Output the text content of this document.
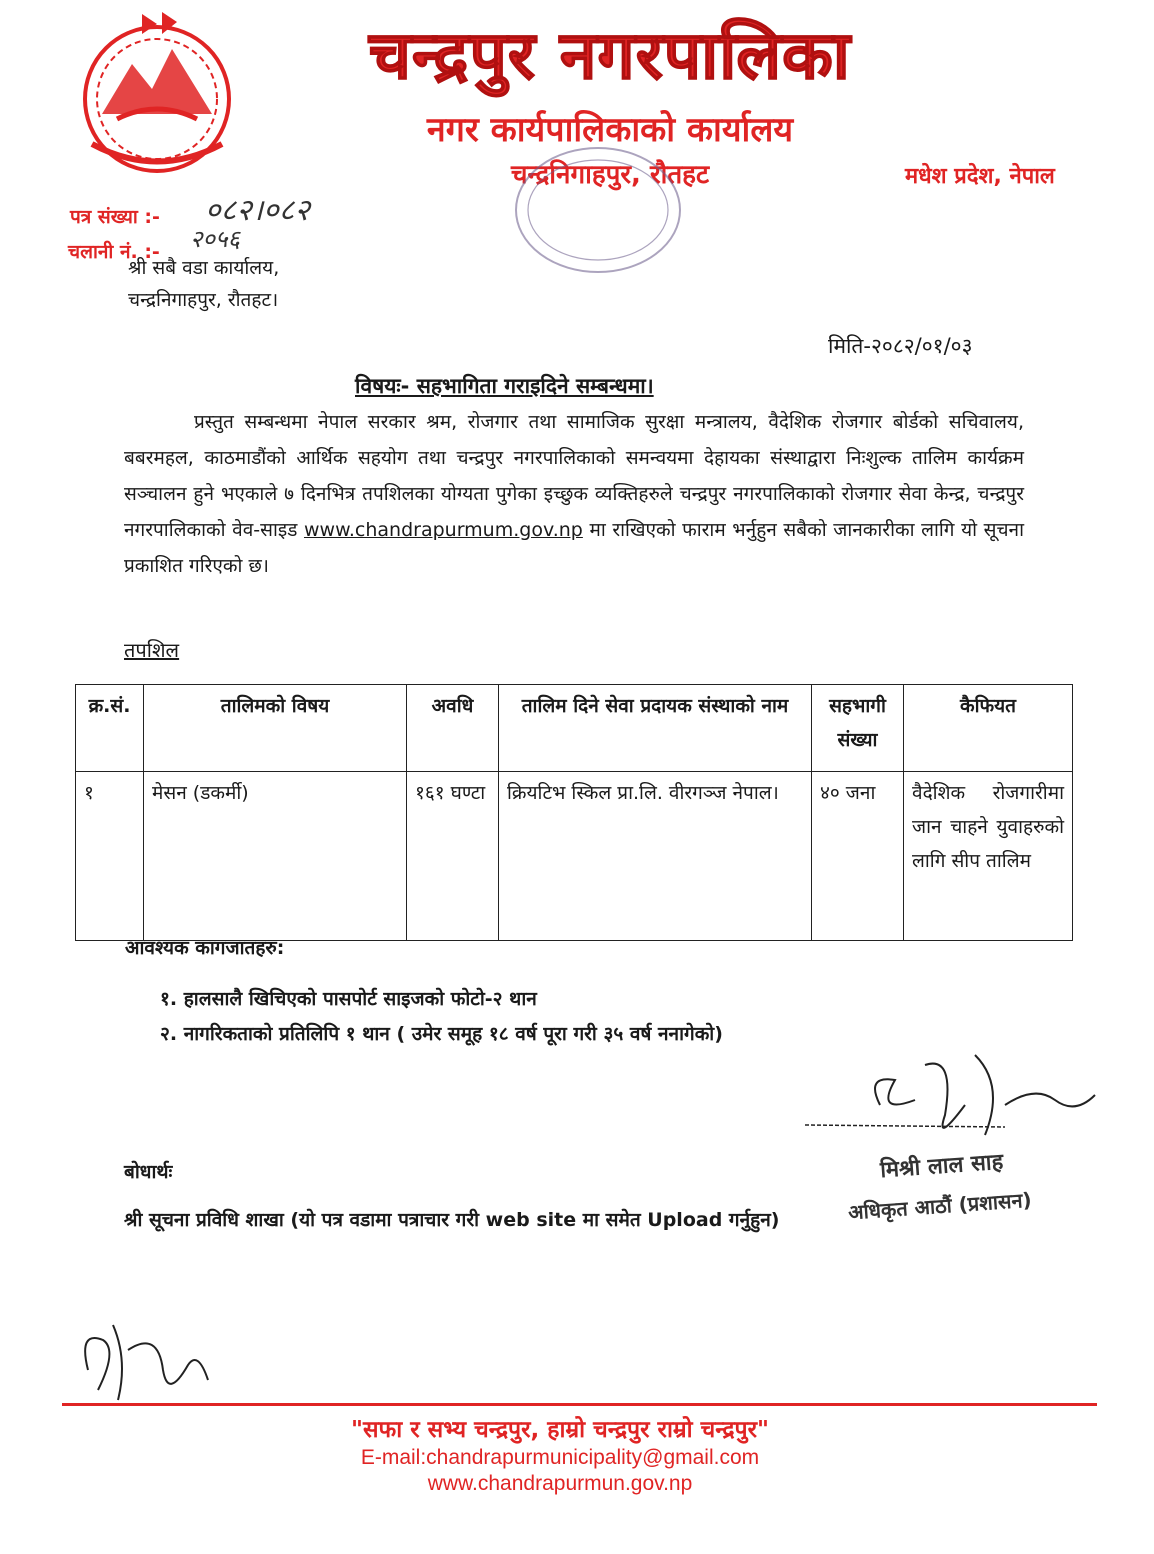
चन्द्रपुर नगरपालिका
नगर कार्यपालिकाको कार्यालय
चन्द्रनिगाहपुर, रौतहट	मधेश प्रदेश, नेपाल
पत्र संख्या :- ०८२।०८२
चलानी नं. :- २०५६
श्री सबै वडा कार्यालय,
चन्द्रनिगाहपुर, रौतहट।
मिति-२०८२/०१/०३
विषयः- सहभागिता गराइदिने सम्बन्धमा।
प्रस्तुत सम्बन्धमा नेपाल सरकार श्रम, रोजगार तथा सामाजिक सुरक्षा मन्त्रालय, वैदेशिक रोजगार बोर्डको सचिवालय, बबरमहल, काठमाडौंको आर्थिक सहयोग तथा चन्द्रपुर नगरपालिकाको समन्वयमा देहायका संस्थाद्वारा निःशुल्क तालिम कार्यक्रम सञ्चालन हुने भएकाले ७ दिनभित्र तपशिलका योग्यता पुगेका इच्छुक व्यक्तिहरुले चन्द्रपुर नगरपालिकाको रोजगार सेवा केन्द्र, चन्द्रपुर नगरपालिकाको वेव-साइड www.chandrapurmum.gov.np मा राखिएको फाराम भर्नुहुन सबैको जानकारीका लागि यो सूचना प्रकाशित गरिएको छ।
तपशिल
क्र.सं.	तालिमको विषय	अवधि	तालिम दिने सेवा प्रदायक संस्थाको नाम	सहभागी संख्या	कैफियत
१	मेसन (डकर्मी)	१६१ घण्टा	क्रियटिभ स्किल प्रा.लि. वीरगञ्ज नेपाल।	४० जना	वैदेशिक रोजगारीमा जान चाहने युवाहरुको लागि सीप तालिम
आवश्यक कागजातहरु:
१. हालसालै खिचिएको पासपोर्ट साइजको फोटो-२ थान
२. नागरिकताको प्रतिलिपि १ थान ( उमेर समूह १८ वर्ष पूरा गरी ३५ वर्ष ननागेको)
मिश्री लाल साह
अधिकृत आठौं (प्रशासन)
बोधार्थः
श्री सूचना प्रविधि शाखा (यो पत्र वडामा पत्राचार गरी web site मा समेत Upload गर्नुहुन)
"सफा र सभ्य चन्द्रपुर, हाम्रो चन्द्रपुर राम्रो चन्द्रपुर"
E-mail:chandrapurmunicipality@gmail.com
www.chandrapurmun.gov.np
